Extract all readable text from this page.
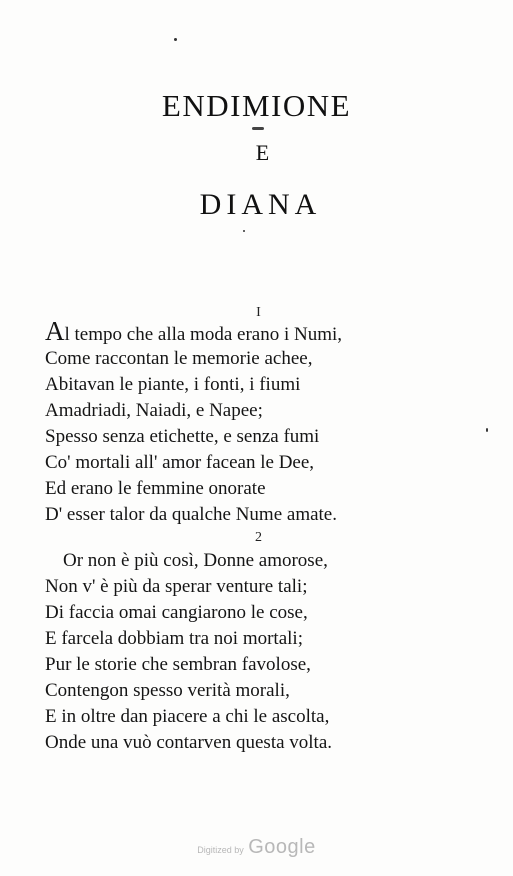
ENDIMIONE
E
DIANA
I
Al tempo che alla moda erano i Numi,
Come raccontan le memorie achee,
Abitavan le piante, i fonti, i fiumi
Amadriadi, Naiadi, e Napee;
Spesso senza etichette, e senza fumi
Co' mortali all' amor facean le Dee,
Ed erano le femmine onorate
D' esser talor da qualche Nume amate.
2
Or non è più così, Donne amorose,
Non v' è più da sperar venture tali;
Di faccia omai cangiarono le cose,
E farcela dobbiam tra noi mortali;
Pur le storie che sembran favolose,
Contengon spesso verità morali,
E in oltre dan piacere a chi le ascolta,
Onde una vuò contarven questa volta.
Digitized by Google
